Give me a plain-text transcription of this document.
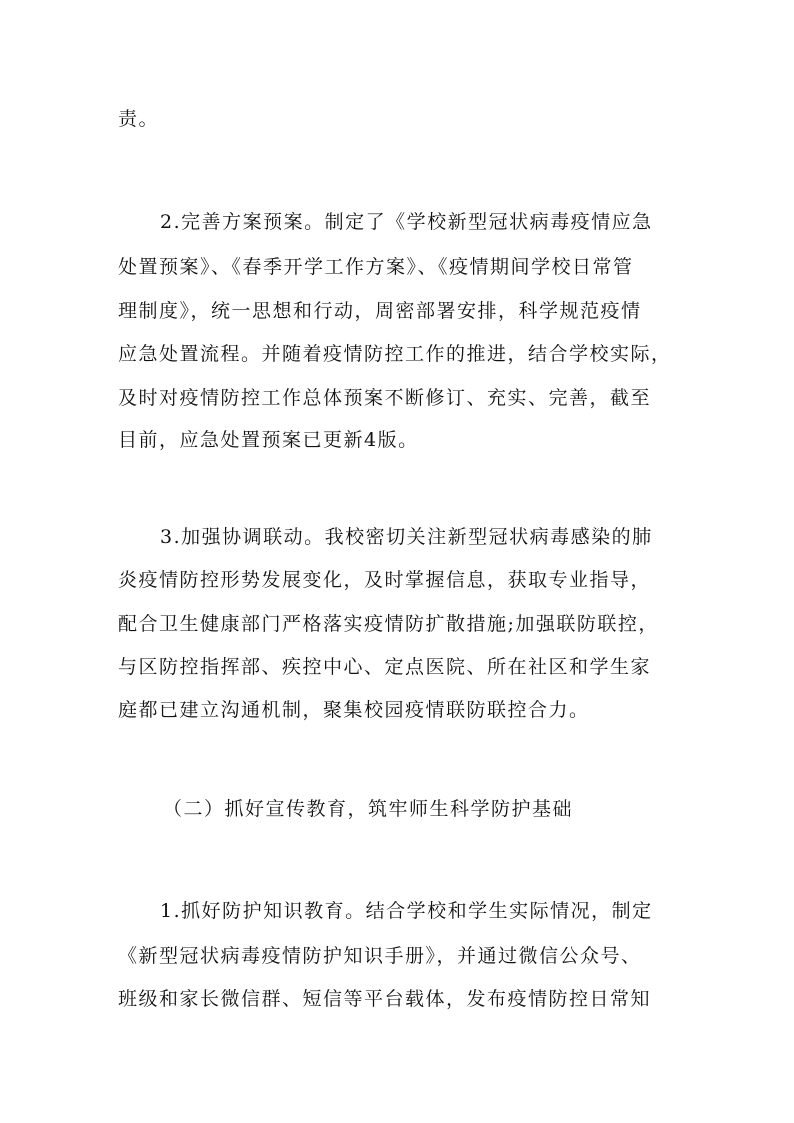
责。
2.完善方案预案。制定了《学校新型冠状病毒疫情应急
处置预案》、《春季开学工作方案》、《疫情期间学校日常管
理制度》，统一思想和行动，周密部署安排，科学规范疫情
应急处置流程。并随着疫情防控工作的推进，结合学校实际，
及时对疫情防控工作总体预案不断修订、充实、完善，截至
目前，应急处置预案已更新4版。
3.加强协调联动。我校密切关注新型冠状病毒感染的肺
炎疫情防控形势发展变化，及时掌握信息，获取专业指导，
配合卫生健康部门严格落实疫情防扩散措施;加强联防联控，
与区防控指挥部、疾控中心、定点医院、所在社区和学生家
庭都已建立沟通机制，聚集校园疫情联防联控合力。
（二）抓好宣传教育，筑牢师生科学防护基础
1.抓好防护知识教育。结合学校和学生实际情况，制定
《新型冠状病毒疫情防护知识手册》，并通过微信公众号、
班级和家长微信群、短信等平台载体，发布疫情防控日常知
